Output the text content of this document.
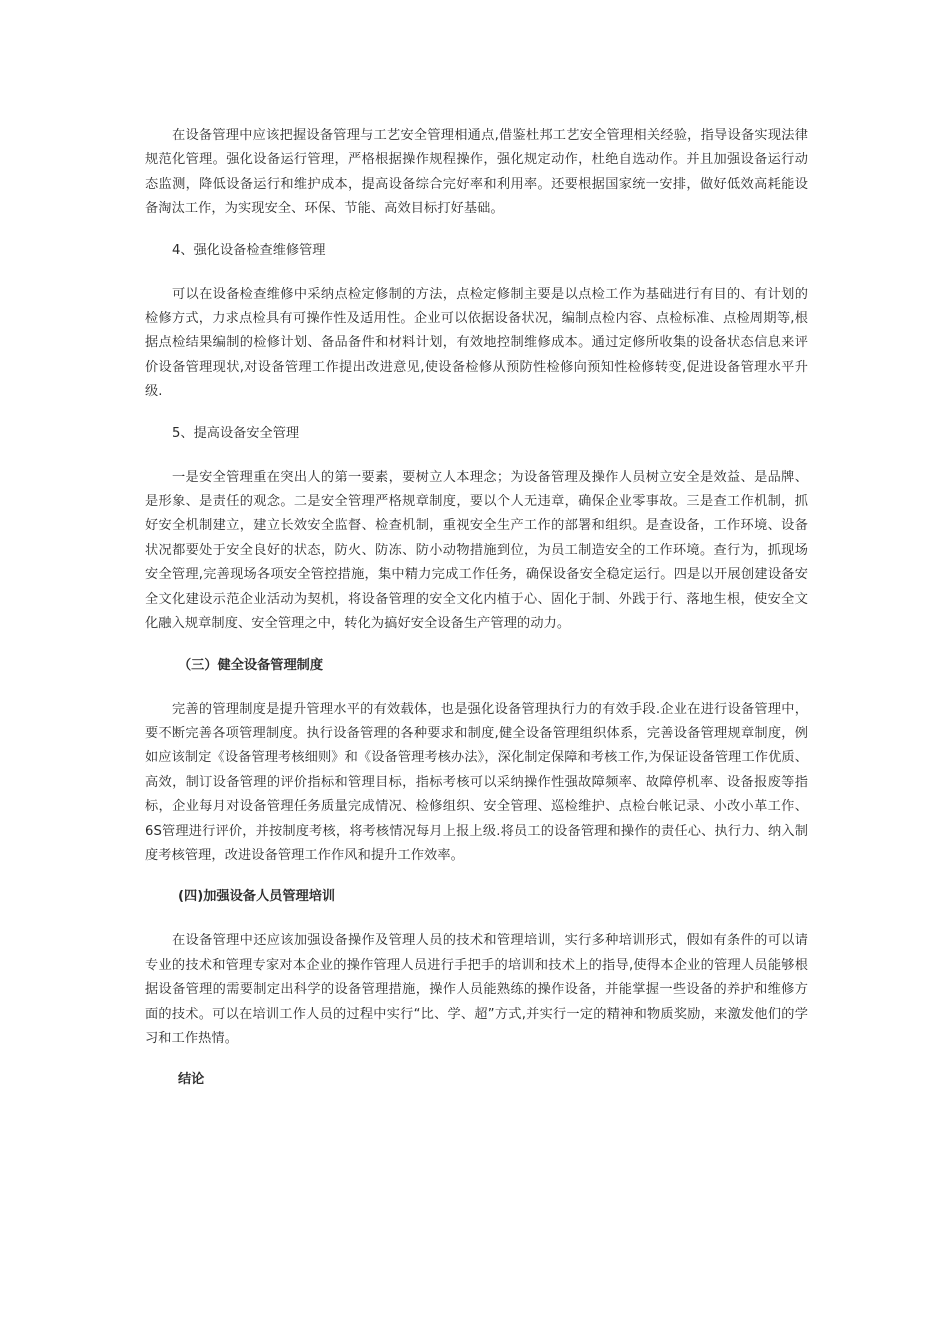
在设备管理中应该把握设备管理与工艺安全管理相通点,借鉴杜邦工艺安全管理相关经验，指导设备实现法律规范化管理。强化设备运行管理，严格根据操作规程操作，强化规定动作，杜绝自选动作。并且加强设备运行动态监测，降低设备运行和维护成本，提高设备综合完好率和利用率。还要根据国家统一安排，做好低效高耗能设备淘汰工作，为实现安全、环保、节能、高效目标打好基础。

4、强化设备检查维修管理

可以在设备检查维修中采纳点检定修制的方法，点检定修制主要是以点检工作为基础进行有目的、有计划的检修方式，力求点检具有可操作性及适用性。企业可以依据设备状况，编制点检内容、点检标准、点检周期等,根据点检结果编制的检修计划、备品备件和材料计划，有效地控制维修成本。通过定修所收集的设备状态信息来评价设备管理现状,对设备管理工作提出改进意见,使设备检修从预防性检修向预知性检修转变,促进设备管理水平升级.

5、提高设备安全管理

一是安全管理重在突出人的第一要素，要树立人本理念；为设备管理及操作人员树立安全是效益、是品牌、是形象、是责任的观念。二是安全管理严格规章制度，要以个人无违章，确保企业零事故。三是查工作机制，抓好安全机制建立，建立长效安全监督、检查机制，重视安全生产工作的部署和组织。是查设备，工作环境、设备状况都要处于安全良好的状态，防火、防冻、防小动物措施到位，为员工制造安全的工作环境。查行为，抓现场安全管理,完善现场各项安全管控措施，集中精力完成工作任务，确保设备安全稳定运行。四是以开展创建设备安全文化建设示范企业活动为契机，将设备管理的安全文化内植于心、固化于制、外践于行、落地生根，使安全文化融入规章制度、安全管理之中，转化为搞好安全设备生产管理的动力。

（三）健全设备管理制度

完善的管理制度是提升管理水平的有效载体，也是强化设备管理执行力的有效手段.企业在进行设备管理中，要不断完善各项管理制度。执行设备管理的各种要求和制度,健全设备管理组织体系，完善设备管理规章制度，例如应该制定《设备管理考核细则》和《设备管理考核办法》，深化制定保障和考核工作,为保证设备管理工作优质、高效，制订设备管理的评价指标和管理目标，指标考核可以采纳操作性强故障频率、故障停机率、设备报废等指标，企业每月对设备管理任务质量完成情况、检修组织、安全管理、巡检维护、点检台帐记录、小改小革工作、6S管理进行评价，并按制度考核，将考核情况每月上报上级.将员工的设备管理和操作的责任心、执行力、纳入制度考核管理，改进设备管理工作作风和提升工作效率。

(四)加强设备人员管理培训

在设备管理中还应该加强设备操作及管理人员的技术和管理培训，实行多种培训形式，假如有条件的可以请专业的技术和管理专家对本企业的操作管理人员进行手把手的培训和技术上的指导,使得本企业的管理人员能够根据设备管理的需要制定出科学的设备管理措施，操作人员能熟练的操作设备，并能掌握一些设备的养护和维修方面的技术。可以在培训工作人员的过程中实行“比、学、超”方式,并实行一定的精神和物质奖励，来激发他们的学习和工作热情。

结论
